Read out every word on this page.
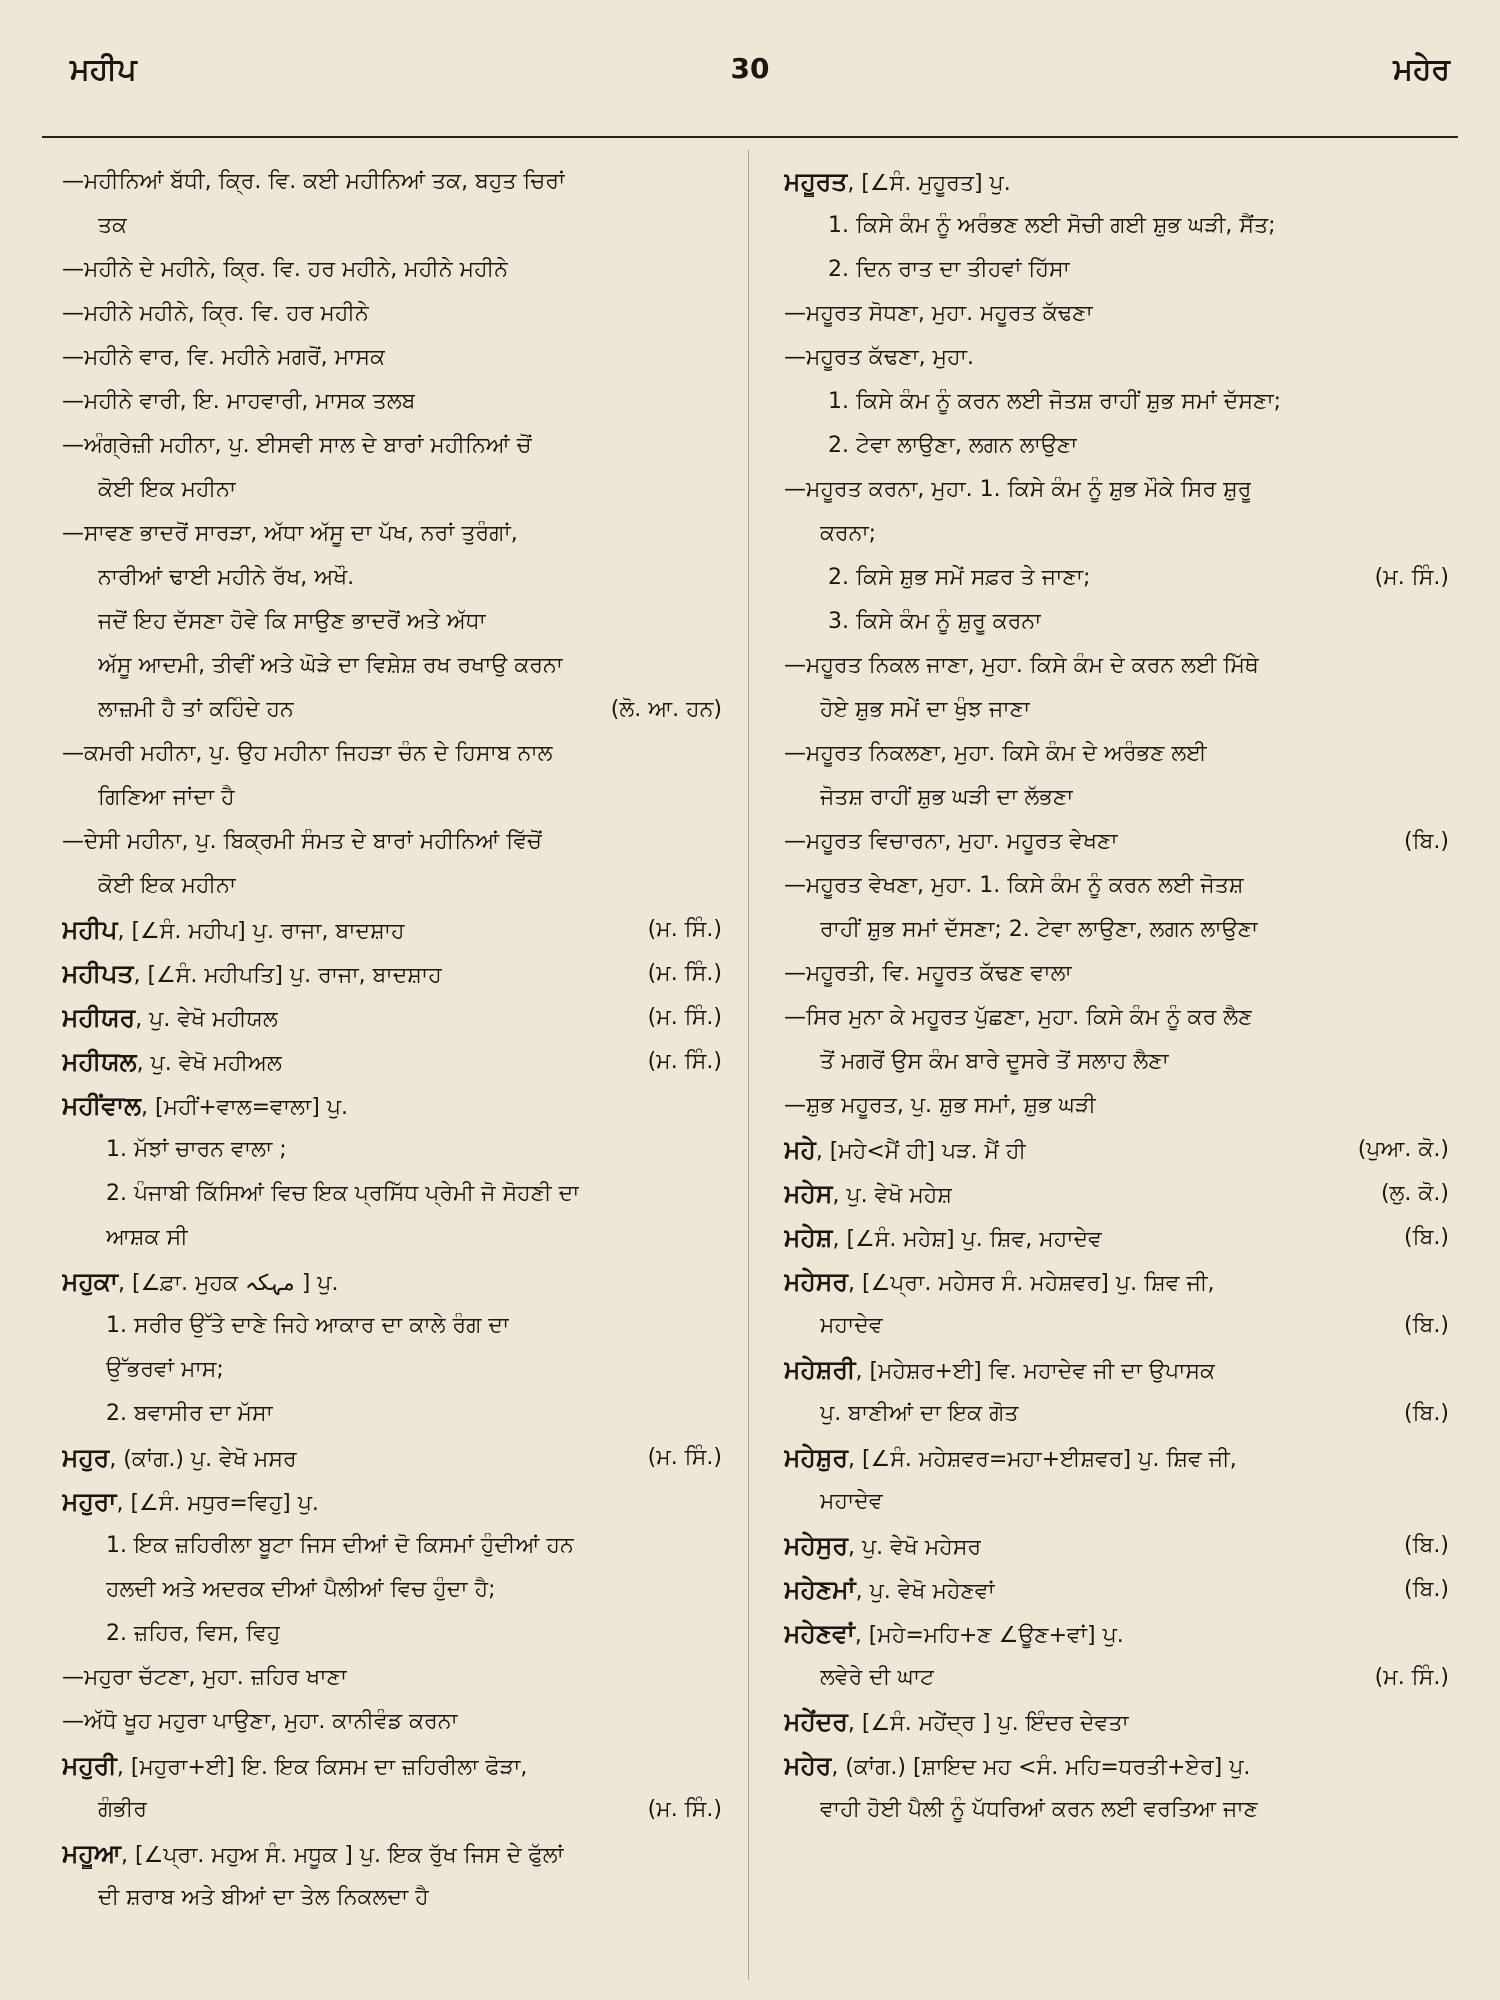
ਮਹੀਪ	30	ਮਹੇਰ
—ਮਹੀਨਿਆਂ ਬੱਧੀ, ਕ੍ਰਿ. ਵਿ. ਕਈ ਮਹੀਨਿਆਂ ਤਕ, ਬਹੁਤ ਚਿਰਾਂ
ਤਕ
—ਮਹੀਨੇ ਦੇ ਮਹੀਨੇ, ਕ੍ਰਿ. ਵਿ. ਹਰ ਮਹੀਨੇ, ਮਹੀਨੇ ਮਹੀਨੇ
—ਮਹੀਨੇ ਮਹੀਨੇ, ਕ੍ਰਿ. ਵਿ. ਹਰ ਮਹੀਨੇ
—ਮਹੀਨੇ ਵਾਰ, ਵਿ. ਮਹੀਨੇ ਮਗਰੋਂ, ਮਾਸਕ
—ਮਹੀਨੇ ਵਾਰੀ, ਇ. ਮਾਹਵਾਰੀ, ਮਾਸਕ ਤਲਬ
—ਅੰਗ੍ਰੇਜ਼ੀ ਮਹੀਨਾ, ਪੁ. ਈਸਵੀ ਸਾਲ ਦੇ ਬਾਰਾਂ ਮਹੀਨਿਆਂ ਚੋਂ
ਕੋਈ ਇਕ ਮਹੀਨਾ
—ਸਾਵਣ ਭਾਦਰੋਂ ਸਾਰੜਾ, ਅੱਧਾ ਅੱਸੂ ਦਾ ਪੱਖ, ਨਰਾਂ ਤੁਰੰਗਾਂ,
ਨਾਰੀਆਂ ਢਾਈ ਮਹੀਨੇ ਰੱਖ, ਅਖੌ.
ਜਦੋਂ ਇਹ ਦੱਸਣਾ ਹੋਵੇ ਕਿ ਸਾਉਣ ਭਾਦਰੋਂ ਅਤੇ ਅੱਧਾ
ਅੱਸੂ ਆਦਮੀ, ਤੀਵੀਂ ਅਤੇ ਘੋੜੇ ਦਾ ਵਿਸ਼ੇਸ਼ ਰਖ ਰਖਾਉ ਕਰਨਾ
ਲਾਜ਼ਮੀ ਹੈ ਤਾਂ ਕਹਿੰਦੇ ਹਨ	(ਲੋ. ਆ. ਹਨ)
—ਕਮਰੀ ਮਹੀਨਾ, ਪੁ. ਉਹ ਮਹੀਨਾ ਜਿਹੜਾ ਚੰਨ ਦੇ ਹਿਸਾਬ ਨਾਲ
ਗਿਣਿਆ ਜਾਂਦਾ ਹੈ
—ਦੇਸੀ ਮਹੀਨਾ, ਪੁ. ਬਿਕ੍ਰਮੀ ਸੰਮਤ ਦੇ ਬਾਰਾਂ ਮਹੀਨਿਆਂ ਵਿੱਚੋਂ
ਕੋਈ ਇਕ ਮਹੀਨਾ
ਮਹੀਪ, [∠ਸੰ. ਮਹੀਪ] ਪੁ. ਰਾਜਾ, ਬਾਦਸ਼ਾਹ	(ਮ. ਸਿੰ.)
ਮਹੀਪਤ, [∠ਸੰ. ਮਹੀਪਤਿ] ਪੁ. ਰਾਜਾ, ਬਾਦਸ਼ਾਹ	(ਮ. ਸਿੰ.)
ਮਹੀਯਰ, ਪੁ. ਵੇਖੋ ਮਹੀਯਲ	(ਮ. ਸਿੰ.)
ਮਹੀਯਲ, ਪੁ. ਵੇਖੋ ਮਹੀਅਲ	(ਮ. ਸਿੰ.)
ਮਹੀਂਵਾਲ, [ਮਹੀਂ+ਵਾਲ=ਵਾਲਾ] ਪੁ.
1. ਮੱਝਾਂ ਚਾਰਨ ਵਾਲਾ ;
2. ਪੰਜਾਬੀ ਕਿੱਸਿਆਂ ਵਿਚ ਇਕ ਪ੍ਰਸਿੱਧ ਪ੍ਰੇਮੀ ਜੋ ਸੋਹਣੀ ਦਾ
ਆਸ਼ਕ ਸੀ
ਮਹੁਕਾ, [∠ਫ਼ਾ. ਮੁਹਕ مہکہ ] ਪੁ.
1. ਸਰੀਰ ਉੱਤੇ ਦਾਣੇ ਜਿਹੇ ਆਕਾਰ ਦਾ ਕਾਲੇ ਰੰਗ ਦਾ
ਉੱਭਰਵਾਂ ਮਾਸ;
2. ਬਵਾਸੀਰ ਦਾ ਮੱਸਾ
ਮਹੁਰ, (ਕਾਂਗ.) ਪੁ. ਵੇਖੋ ਮਸਰ	(ਮ. ਸਿੰ.)
ਮਹੁਰਾ, [∠ਸੰ. ਮਧੁਰ=ਵਿਹੁ] ਪੁ.
1. ਇਕ ਜ਼ਹਿਰੀਲਾ ਬੂਟਾ ਜਿਸ ਦੀਆਂ ਦੋ ਕਿਸਮਾਂ ਹੁੰਦੀਆਂ ਹਨ
ਹਲਦੀ ਅਤੇ ਅਦਰਕ ਦੀਆਂ ਪੈਲੀਆਂ ਵਿਚ ਹੁੰਦਾ ਹੈ;
2. ਜ਼ਹਿਰ, ਵਿਸ, ਵਿਹੁ
—ਮਹੁਰਾ ਚੱਟਣਾ, ਮੁਹਾ. ਜ਼ਹਿਰ ਖਾਣਾ
—ਅੱਧੋ ਖੂਹ ਮਹੁਰਾ ਪਾਉਣਾ, ਮੁਹਾ. ਕਾਨੀਵੰਡ ਕਰਨਾ
ਮਹੁਰੀ, [ਮਹੁਰਾ+ਈ] ਇ. ਇਕ ਕਿਸਮ ਦਾ ਜ਼ਹਿਰੀਲਾ ਫੋੜਾ,
ਗੰਭੀਰ	(ਮ. ਸਿੰ.)
ਮਹੂਆ, [∠ਪ੍ਰਾ. ਮਹੁਅ ਸੰ. ਮਧੂਕ ] ਪੁ. ਇਕ ਰੁੱਖ ਜਿਸ ਦੇ ਫੁੱਲਾਂ
ਦੀ ਸ਼ਰਾਬ ਅਤੇ ਬੀਆਂ ਦਾ ਤੇਲ ਨਿਕਲਦਾ ਹੈ
ਮਹੂਰਤ, [∠ਸੰ. ਮੁਹੂਰਤ] ਪੁ.
1. ਕਿਸੇ ਕੰਮ ਨੂੰ ਅਰੰਭਣ ਲਈ ਸੋਚੀ ਗਈ ਸ਼ੁਭ ਘੜੀ, ਸੈਂਤ;
2. ਦਿਨ ਰਾਤ ਦਾ ਤੀਹਵਾਂ ਹਿੱਸਾ
—ਮਹੂਰਤ ਸੋਧਣਾ, ਮੁਹਾ. ਮਹੂਰਤ ਕੱਢਣਾ
—ਮਹੂਰਤ ਕੱਢਣਾ, ਮੁਹਾ.
1. ਕਿਸੇ ਕੰਮ ਨੂੰ ਕਰਨ ਲਈ ਜੋਤਸ਼ ਰਾਹੀਂ ਸ਼ੁਭ ਸਮਾਂ ਦੱਸਣਾ;
2. ਟੇਵਾ ਲਾਉਣਾ, ਲਗਨ ਲਾਉਣਾ
—ਮਹੂਰਤ ਕਰਨਾ, ਮੁਹਾ. 1. ਕਿਸੇ ਕੰਮ ਨੂੰ ਸ਼ੁਭ ਮੌਕੇ ਸਿਰ ਸ਼ੁਰੂ
ਕਰਨਾ;
2. ਕਿਸੇ ਸ਼ੁਭ ਸਮੇਂ ਸਫ਼ਰ ਤੇ ਜਾਣਾ;	(ਮ. ਸਿੰ.)
3. ਕਿਸੇ ਕੰਮ ਨੂੰ ਸ਼ੁਰੂ ਕਰਨਾ
—ਮਹੂਰਤ ਨਿਕਲ ਜਾਣਾ, ਮੁਹਾ. ਕਿਸੇ ਕੰਮ ਦੇ ਕਰਨ ਲਈ ਮਿੱਥੇ
ਹੋਏ ਸ਼ੁਭ ਸਮੇਂ ਦਾ ਖੁੰਝ ਜਾਣਾ
—ਮਹੂਰਤ ਨਿਕਲਣਾ, ਮੁਹਾ. ਕਿਸੇ ਕੰਮ ਦੇ ਅਰੰਭਣ ਲਈ
ਜੋਤਸ਼ ਰਾਹੀਂ ਸ਼ੁਭ ਘੜੀ ਦਾ ਲੱਭਣਾ
—ਮਹੂਰਤ ਵਿਚਾਰਨਾ, ਮੁਹਾ. ਮਹੂਰਤ ਵੇਖਣਾ	(ਬਿ.)
—ਮਹੂਰਤ ਵੇਖਣਾ, ਮੁਹਾ. 1. ਕਿਸੇ ਕੰਮ ਨੂੰ ਕਰਨ ਲਈ ਜੋਤਸ਼
ਰਾਹੀਂ ਸ਼ੁਭ ਸਮਾਂ ਦੱਸਣਾ; 2. ਟੇਵਾ ਲਾਉਣਾ, ਲਗਨ ਲਾਉਣਾ
—ਮਹੂਰਤੀ, ਵਿ. ਮਹੂਰਤ ਕੱਢਣ ਵਾਲਾ
—ਸਿਰ ਮੁਨਾ ਕੇ ਮਹੂਰਤ ਪੁੱਛਣਾ, ਮੁਹਾ. ਕਿਸੇ ਕੰਮ ਨੂੰ ਕਰ ਲੈਣ
ਤੋਂ ਮਗਰੋਂ ਉਸ ਕੰਮ ਬਾਰੇ ਦੂਸਰੇ ਤੋਂ ਸਲਾਹ ਲੈਣਾ
—ਸ਼ੁਭ ਮਹੂਰਤ, ਪੁ. ਸ਼ੁਭ ਸਮਾਂ, ਸ਼ੁਭ ਘੜੀ
ਮਹੇ, [ਮਹੇ<ਮੈਂ ਹੀ] ਪੜ. ਮੈਂ ਹੀ	(ਪੁਆ. ਕੋ.)
ਮਹੇਸ, ਪੁ. ਵੇਖੋ ਮਹੇਸ਼	(ਲੁ. ਕੋ.)
ਮਹੇਸ਼, [∠ਸੰ. ਮਹੇਸ਼] ਪੁ. ਸ਼ਿਵ, ਮਹਾਦੇਵ	(ਬਿ.)
ਮਹੇਸਰ, [∠ਪ੍ਰਾ. ਮਹੇਸਰ ਸੰ. ਮਹੇਸ਼ਵਰ] ਪੁ. ਸ਼ਿਵ ਜੀ,
ਮਹਾਦੇਵ	(ਬਿ.)
ਮਹੇਸ਼ਰੀ, [ਮਹੇਸ਼ਰ+ਈ] ਵਿ. ਮਹਾਦੇਵ ਜੀ ਦਾ ਉਪਾਸਕ
ਪੁ. ਬਾਣੀਆਂ ਦਾ ਇਕ ਗੋਤ	(ਬਿ.)
ਮਹੇਸ਼ੁਰ, [∠ਸੰ. ਮਹੇਸ਼ਵਰ=ਮਹਾ+ਈਸ਼ਵਰ] ਪੁ. ਸ਼ਿਵ ਜੀ,
ਮਹਾਦੇਵ
ਮਹੇਸੁਰ, ਪੁ. ਵੇਖੋ ਮਹੇਸਰ	(ਬਿ.)
ਮਹੇਣਮਾਂ, ਪੁ. ਵੇਖੋ ਮਹੇਣਵਾਂ	(ਬਿ.)
ਮਹੇਣਵਾਂ, [ਮਹੇ=ਮਹਿ+ਣ ∠ਊਣ+ਵਾਂ] ਪੁ.
ਲਵੇਰੇ ਦੀ ਘਾਟ	(ਮ. ਸਿੰ.)
ਮਹੇਂਦਰ, [∠ਸੰ. ਮਹੇਂਦ੍ਰ ] ਪੁ. ਇੰਦਰ ਦੇਵਤਾ
ਮਹੇਰ, (ਕਾਂਗ.) [ਸ਼ਾਇਦ ਮਹ <ਸੰ. ਮਹਿ=ਧਰਤੀ+ਏਰ] ਪੁ.
ਵਾਹੀ ਹੋਈ ਪੈਲੀ ਨੂੰ ਪੱਧਰਿਆਂ ਕਰਨ ਲਈ ਵਰਤਿਆ ਜਾਣ
